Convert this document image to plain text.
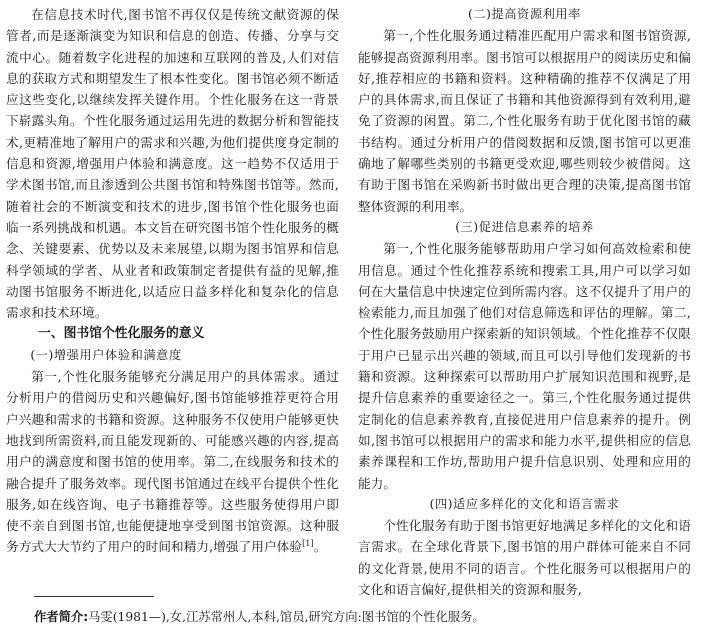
在信息技术时代,图书馆不再仅仅是传统文献资源的保管者,而是逐渐演变为知识和信息的创造、传播、分享与交流中心。随着数字化进程的加速和互联网的普及,人们对信息的获取方式和期望发生了根本性变化。图书馆必须不断适应这些变化,以继续发挥关键作用。个性化服务在这一背景下崭露头角。个性化服务通过运用先进的数据分析和智能技术,更精准地了解用户的需求和兴趣,为他们提供度身定制的信息和资源,增强用户体验和满意度。这一趋势不仅适用于学术图书馆,而且渗透到公共图书馆和特殊图书馆等。然而,随着社会的不断演变和技术的进步,图书馆个性化服务也面临一系列挑战和机遇。本文旨在研究图书馆个性化服务的概念、关键要素、优势以及未来展望,以期为图书馆界和信息科学领域的学者、从业者和政策制定者提供有益的见解,推动图书馆服务不断进化,以适应日益多样化和复杂化的信息需求和技术环境。

一、图书馆个性化服务的意义

(一)增强用户体验和满意度

第一,个性化服务能够充分满足用户的具体需求。通过分析用户的借阅历史和兴趣偏好,图书馆能够推荐更符合用户兴趣和需求的书籍和资源。这种服务不仅使用户能够更快地找到所需资料,而且能发现新的、可能感兴趣的内容,提高用户的满意度和图书馆的使用率。第二,在线服务和技术的融合提升了服务效率。现代图书馆通过在线平台提供个性化服务,如在线咨询、电子书籍推荐等。这些服务使得用户即使不亲自到图书馆,也能便捷地享受到图书馆资源。这种服务方式大大节约了用户的时间和精力,增强了用户体验[1]。

(二)提高资源利用率

第一,个性化服务通过精准匹配用户需求和图书馆资源,能够提高资源利用率。图书馆可以根据用户的阅读历史和偏好,推荐相应的书籍和资料。这种精确的推荐不仅满足了用户的具体需求,而且保证了书籍和其他资源得到有效利用,避免了资源的闲置。第二,个性化服务有助于优化图书馆的藏书结构。通过分析用户的借阅数据和反馈,图书馆可以更准确地了解哪些类别的书籍更受欢迎,哪些则较少被借阅。这有助于图书馆在采购新书时做出更合理的决策,提高图书馆整体资源的利用率。

(三)促进信息素养的培养

第一,个性化服务能够帮助用户学习如何高效检索和使用信息。通过个性化推荐系统和搜索工具,用户可以学习如何在大量信息中快速定位到所需内容。这不仅提升了用户的检索能力,而且加强了他们对信息筛选和评估的理解。第二,个性化服务鼓励用户探索新的知识领域。个性化推荐不仅限于用户已显示出兴趣的领域,而且可以引导他们发现新的书籍和资源。这种探索可以帮助用户扩展知识范围和视野,是提升信息素养的重要途径之一。第三,个性化服务通过提供定制化的信息素养教育,直接促进用户信息素养的提升。例如,图书馆可以根据用户的需求和能力水平,提供相应的信息素养课程和工作坊,帮助用户提升信息识别、处理和应用的能力。

(四)适应多样化的文化和语言需求

个性化服务有助于图书馆更好地满足多样化的文化和语言需求。在全球化背景下,图书馆的用户群体可能来自不同的文化背景,使用不同的语言。个性化服务可以根据用户的文化和语言偏好,提供相关的资源和服务,

作者简介:马雯(1981—),女,江苏常州人,本科,馆员,研究方向:图书馆的个性化服务。
